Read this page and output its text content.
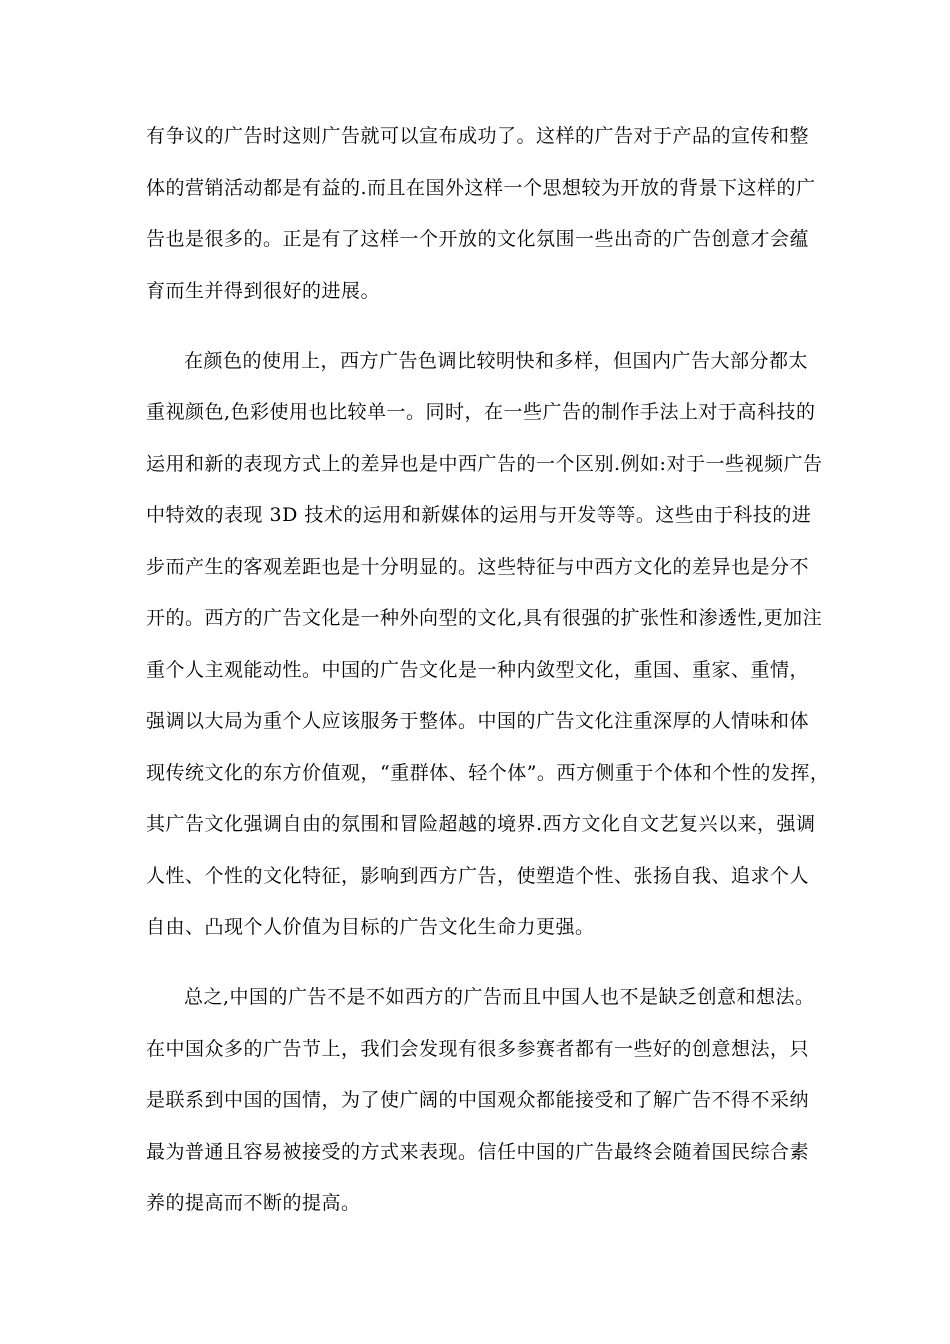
有争议的广告时这则广告就可以宣布成功了。这样的广告对于产品的宣传和整
体的营销活动都是有益的.而且在国外这样一个思想较为开放的背景下这样的广
告也是很多的。正是有了这样一个开放的文化氛围一些出奇的广告创意才会蕴
育而生并得到很好的进展。
在颜色的使用上，西方广告色调比较明快和多样，但国内广告大部分都太
重视颜色,色彩使用也比较单一。同时，在一些广告的制作手法上对于高科技的
运用和新的表现方式上的差异也是中西广告的一个区别.例如:对于一些视频广告
中特效的表现 3D 技术的运用和新媒体的运用与开发等等。这些由于科技的进
步而产生的客观差距也是十分明显的。这些特征与中西方文化的差异也是分不
开的。西方的广告文化是一种外向型的文化,具有很强的扩张性和渗透性,更加注
重个人主观能动性。中国的广告文化是一种内敛型文化，重国、重家、重情，
强调以大局为重个人应该服务于整体。中国的广告文化注重深厚的人情味和体
现传统文化的东方价值观，“重群体、轻个体”。西方侧重于个体和个性的发挥，
其广告文化强调自由的氛围和冒险超越的境界.西方文化自文艺复兴以来，强调
人性、个性的文化特征，影响到西方广告，使塑造个性、张扬自我、追求个人
自由、凸现个人价值为目标的广告文化生命力更强。
总之,中国的广告不是不如西方的广告而且中国人也不是缺乏创意和想法。
在中国众多的广告节上，我们会发现有很多参赛者都有一些好的创意想法，只
是联系到中国的国情，为了使广阔的中国观众都能接受和了解广告不得不采纳
最为普通且容易被接受的方式来表现。信任中国的广告最终会随着国民综合素
养的提高而不断的提高。
